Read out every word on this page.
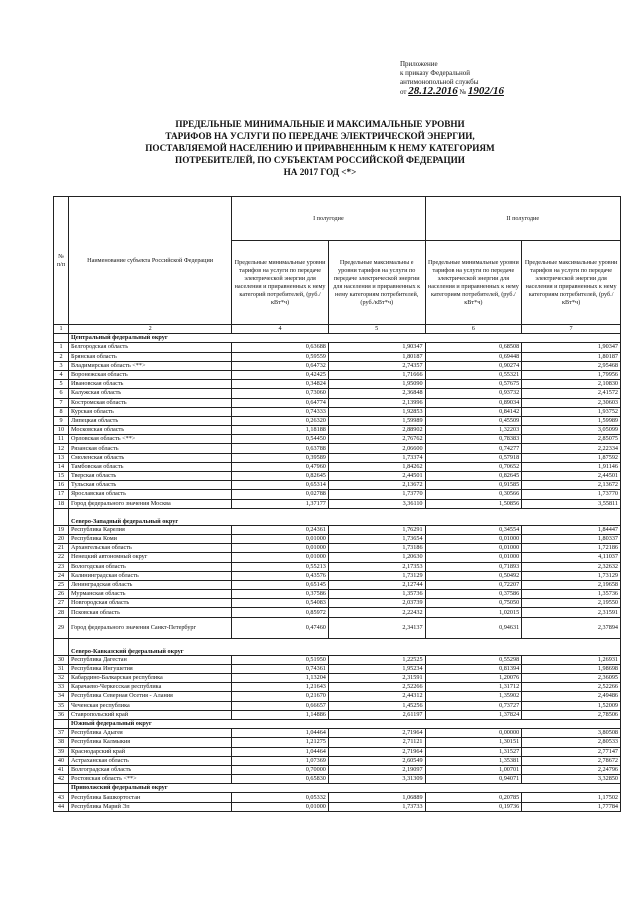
Приложение
к приказу Федеральной
антимонопольной службы
от 28.12.2016 № 1902/16
ПРЕДЕЛЬНЫЕ МИНИМАЛЬНЫЕ И МАКСИМАЛЬНЫЕ УРОВНИ
ТАРИФОВ НА УСЛУГИ ПО ПЕРЕДАЧЕ ЭЛЕКТРИЧЕСКОЙ ЭНЕРГИИ,
ПОСТАВЛЯЕМОЙ НАСЕЛЕНИЮ И ПРИРАВНЕННЫМ К НЕМУ КАТЕГОРИЯМ
ПОТРЕБИТЕЛЕЙ, ПО СУБЪЕКТАМ РОССИЙСКОЙ ФЕДЕРАЦИИ
НА 2017 ГОД <*>
№ п/п	Наименование субъекта Российской Федерации	I полугодие		II полугодие	
		Предельные минимальные уровни тарифов на услуги по передаче электрической энергии для населения и приравненных к нему категорий потребителей, (руб./кВт*ч)	Предельные максимальны е уровни тарифов на услуги по передаче электрической энергии для населения и приравненных к нему категориям потребителей, (руб./кВт*ч)	Предельные минимальные уровни тарифов на услуги по передаче электрической энергии для населения и приравненных к нему категориям потребителей, (руб./кВт*ч)	Предельные максимальные уровни тарифов на услуги по передаче электрической энергии для населения и приравненных к нему категориям потребителей, (руб./кВт*ч)
1	2	4	5	6	7
	Центральный федеральный округ				
1	Белгородская область	0,63688	1,90347	0,68508	1,90347
2	Брянская область	0,59559	1,80187	0,69448	1,80187
3	Владимирская область <**>	0,64732	2,74357	0,90274	2,95468
4	Воронежская область	0,42425	1,71666	0,55321	1,79956
5	Ивановская область	0,34824	1,95090	0,57675	2,10830
6	Калужская область	0,73060	2,36848	0,93732	2,41572
7	Костромская область	0,64774	2,13996	0,89034	2,30603
8	Курская область	0,74333	1,92853	0,84142	1,93752
9	Липецкая область	0,26320	1,59989	0,45509	1,59989
10	Московская область	1,18188	2,88902	1,32203	3,05099
11	Орловская область <**>	0,54450	2,76762	0,78383	2,85075
12	Рязанская область	0,63788	2,06600	0,74277	2,22334
13	Смоленская область	0,39589	1,73374	0,57918	1,87592
14	Тамбовская область	0,47960	1,84262	0,70652	1,91146
15	Тверская область	0,82645	2,44501	0,82645	2,44501
16	Тульская область	0,65314	2,13672	0,91585	2,13672
17	Ярославская область	0,02788	1,73770	0,30566	1,73770
18	Город федерального значения Москва	1,37177	3,36110	1,50856	3,55811
	Северо-Западный федеральный округ				
19	Республика Карелия	0,24361	1,76291	0,34554	1,84447
20	Республика Коми	0,01000	1,73654	0,01000	1,80337
21	Архангельская область	0,01000	1,73186	0,01000	1,72186
22	Ненецкий автономный округ	0,01000	1,20630	0,01000	4,11037
23	Вологодская область	0,55213	2,17353	0,71893	2,32632
24	Калининградская область	0,43576	1,73129	0,50492	1,73129
25	Ленинградская область	0,65145	2,12744	0,72207	2,19658
26	Мурманская область	0,37586	1,35736	0,37586	1,35736
27	Новгородская область	0,54083	2,03739	0,75050	2,19550
28	Псковская область	0,85972	2,22432	1,02015	2,31591
29	Город федерального значения Санкт-Петербург	0,47460	2,34137	0,94631	2,37894
	Северо-Кавказский федеральный округ				
30	Республика Дагестан	0,51950	1,22525	0,55298	1,26931
31	Республика Ингушетия	0,74361	1,95234	0,81394	1,98698
32	Кабардино-Балкарская республика	1,13204	2,31591	1,20076	2,36095
33	Карачаево-Черкесская республика	1,21643	2,52266	1,31712	2,52266
34	Республика Северная Осетия - Алания	0,21670	2,44312	1,35902	2,49486
35	Чеченская республика	0,66657	1,45256	0,73727	1,52009
36	Ставропольский край	1,14886	2,61197	1,37824	2,78506
	Южный федеральный округ				
37	Республика Адыгея	1,04464	2,71964	0,00000	3,80508
38	Республика Калмыкия	1,21275	2,71121	1,30151	2,80533
39	Краснодарский край	1,04464	2,71964	1,31527	2,77147
40	Астраханская область	1,07369	2,60549	1,35381	2,78672
41	Волгоградская область	0,70000	2,19097	1,00701	2,24796
42	Ростовская область <**>	0,65830	3,31309	0,94071	3,32850
	Приволжский федеральный округ				
43	Республика Башкортостан	0,05332	1,06889	0,20785	1,17502
44	Республика Марий Эл	0,01000	1,73733	0,19736	1,77784
